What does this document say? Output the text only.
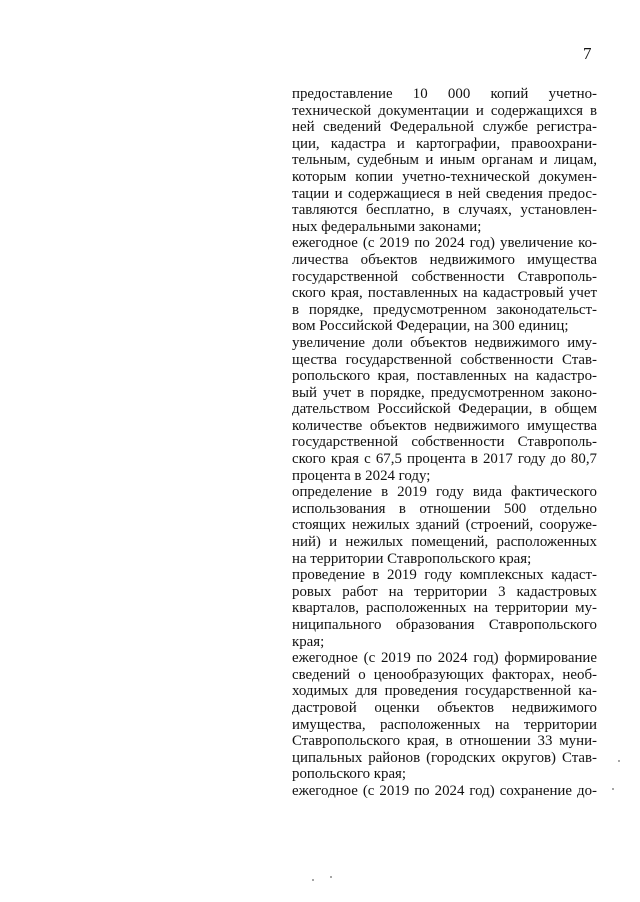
7

предоставление 10 000 копий учетно-

технической документации и содержащихся в

ней сведений Федеральной службе регистра-

ции, кадастра и картографии, правоохрани-

тельным, судебным и иным органам и лицам,

которым копии учетно-технической докумен-

тации и содержащиеся в ней сведения предос-

тавляются бесплатно, в случаях, установлен-

ных федеральными законами;

ежегодное (с 2019 по 2024 год) увеличение ко-

личества объектов недвижимого имущества

государственной собственности Ставрополь-

ского края, поставленных на кадастровый учет

в порядке, предусмотренном законодательст-

вом Российской Федерации, на 300 единиц;

увеличение доли объектов недвижимого иму-

щества государственной собственности Став-

ропольского края, поставленных на кадастро-

вый учет в порядке, предусмотренном законо-

дательством Российской Федерации, в общем

количестве объектов недвижимого имущества

государственной собственности Ставрополь-

ского края с 67,5 процента в 2017 году до 80,7

процента в 2024 году;

определение в 2019 году вида фактического

использования в отношении 500 отдельно

стоящих нежилых зданий (строений, сооруже-

ний) и нежилых помещений, расположенных

на территории Ставропольского края;

проведение в 2019 году комплексных кадаст-

ровых работ на территории 3 кадастровых

кварталов, расположенных на территории му-

ниципального образования Ставропольского

края;

ежегодное (с 2019 по 2024 год) формирование

сведений о ценообразующих факторах, необ-

ходимых для проведения государственной ка-

дастровой оценки объектов недвижимого

имущества, расположенных на территории

Ставропольского края, в отношении 33 муни-

ципальных районов (городских округов) Став-

ропольского края;

ежегодное (с 2019 по 2024 год) сохранение до-
